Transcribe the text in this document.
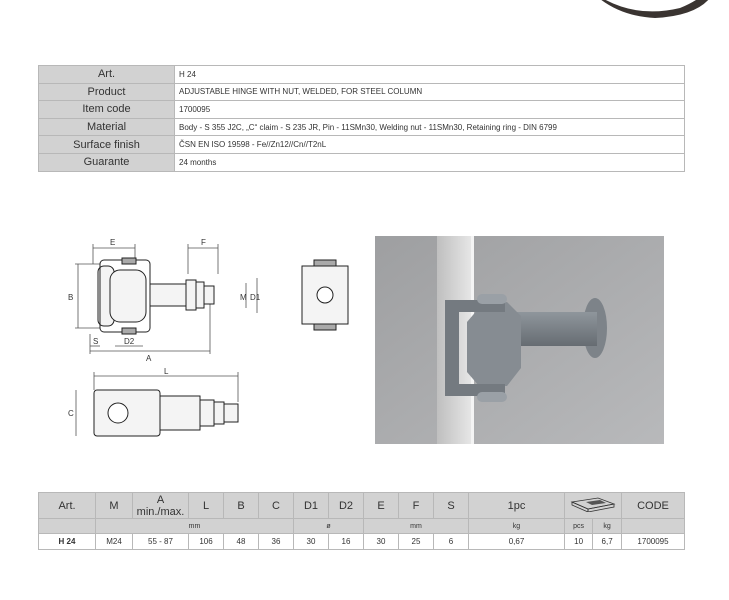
Art.	H 24
Product	ADJUSTABLE HINGE WITH NUT, WELDED, FOR STEEL COLUMN
Item code	1700095
Material	Body - S 355 J2C, „C“ claim - S 235 JR, Pin - 11SMn30, Welding nut - 11SMn30, Retaining ring - DIN 6799
Surface finish	ČSN EN ISO 19598 - Fe//Zn12//Cn//T2nL
Guarante	24 months
E	F
B	M D1
S	D2
A
L
C
Art.	M	A min./max.	L	B	C	D1	D2	E	F	S	1pc			CODE
	mm					ø		mm			kg	pcs	kg	
H 24	M24	55 - 87	106	48	36	30	16	30	25	6	0,67	10	6,7	1700095
